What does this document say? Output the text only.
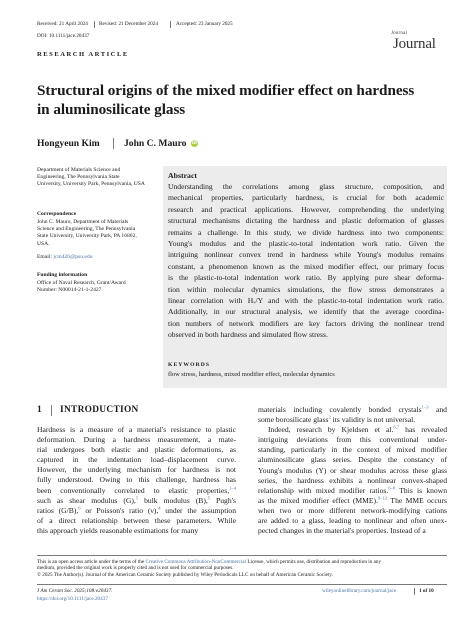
Received: 21 April 2024 Revised: 21 December 2024	Accepted: 23 January 2025
DOI: 10.1111/jace.20437	Journal
Journal
RESEARCH ARTICLE
Structural origins of the mixed modifier effect on hardness
in aluminosilicate glass
Hongyeun Kim	John C. Mauro iD
Department of Materials Science and Engineering, The Pennsylvania State University, University Park, Pennsylvania, USA
Correspondence
John C. Mauro, Department of Materials Science and Engineering, The Pennsylvania State University, University Park, PA 16802, USA.
Email: jcm426@psu.edu
Funding information
Office of Naval Research, Grant/Award Number: N00014-21-1-2427
Abstract
Understanding the correlations among glass structure, composition, and
mechanical properties, particularly hardness, is crucial for both academic
research and practical applications. However, comprehending the underlying
structural mechanisms dictating the hardness and plastic deformation of glasses
remains a challenge. In this study, we divide hardness into two components:
Young's modulus and the plastic-to-total indentation work ratio. Given the
intriguing nonlinear convex trend in hardness while Young's modulus remains
constant, a phenomenon known as the mixed modifier effect, our primary focus
is the plastic-to-total indentation work ratio. By applying pure shear deforma-
tion within molecular dynamics simulations, the flow stress demonstrates a
linear correlation with Hᵥ/Y and with the plastic-to-total indentation work ratio.
Additionally, in our structural analysis, we identify that the average coordina-
tion numbers of network modifiers are key factors driving the nonlinear trend
observed in both hardness and simulated flow stress.
KEYWORDS
flow stress, hardness, mixed modifier effect, molecular dynamics
1 INTRODUCTION
Hardness is a measure of a material's resistance to plastic
deformation. During a hardness measurement, a mate-
rial undergoes both elastic and plastic deformations, as
captured in the indentation load–displacement curve.
However, the underlying mechanism for hardness is not
fully understood. Owing to this challenge, hardness has
been conventionally correlated to elastic properties,$^{1-4}$
such as shear modulus (G),$^5$ bulk modulus (B),$^5$ Pugh's
ratios (G/B),$^6$ or Poisson's ratio (ν),$^4$ under the assumption
of a direct relationship between these parameters. While
this approach yields reasonable estimations for many
materials including covalently bonded crystals$^{1-3}$ and
some borosilicate glass$^2$ its validity is not universal.
Indeed, research by Kjeldsen et al.$^{6,7}$ has revealed
intriguing deviations from this conventional under-
standing, particularly in the context of mixed modifier
aluminosilicate glass series. Despite the constancy of
Young's modulus (Y) or shear modulus across these glass
series, the hardness exhibits a nonlinear convex-shaped
relationship with mixed modifier ratios.$^{6-8}$ This is known
as the mixed modifier effect (MME).$^{9-12}$ The MME occurs
when two or more different network-modifying cations
are added to a glass, leading to nonlinear and often unex-
pected changes in the material's properties. Instead of a
This is an open access article under the terms of the Creative Commons Attribution-NonCommercial License, which permits use, distribution and reproduction in any
medium, provided the original work is properly cited and is not used for commercial purposes.
© 2025 The Author(s). Journal of the American Ceramic Society published by Wiley Periodicals LLC on behalf of American Ceramic Society.
J Am Ceram Soc. 2025;108:e20437.
https://doi.org/10.1111/jace.20437
wileyonlinelibrary.com/journal/jace	1 of 10
